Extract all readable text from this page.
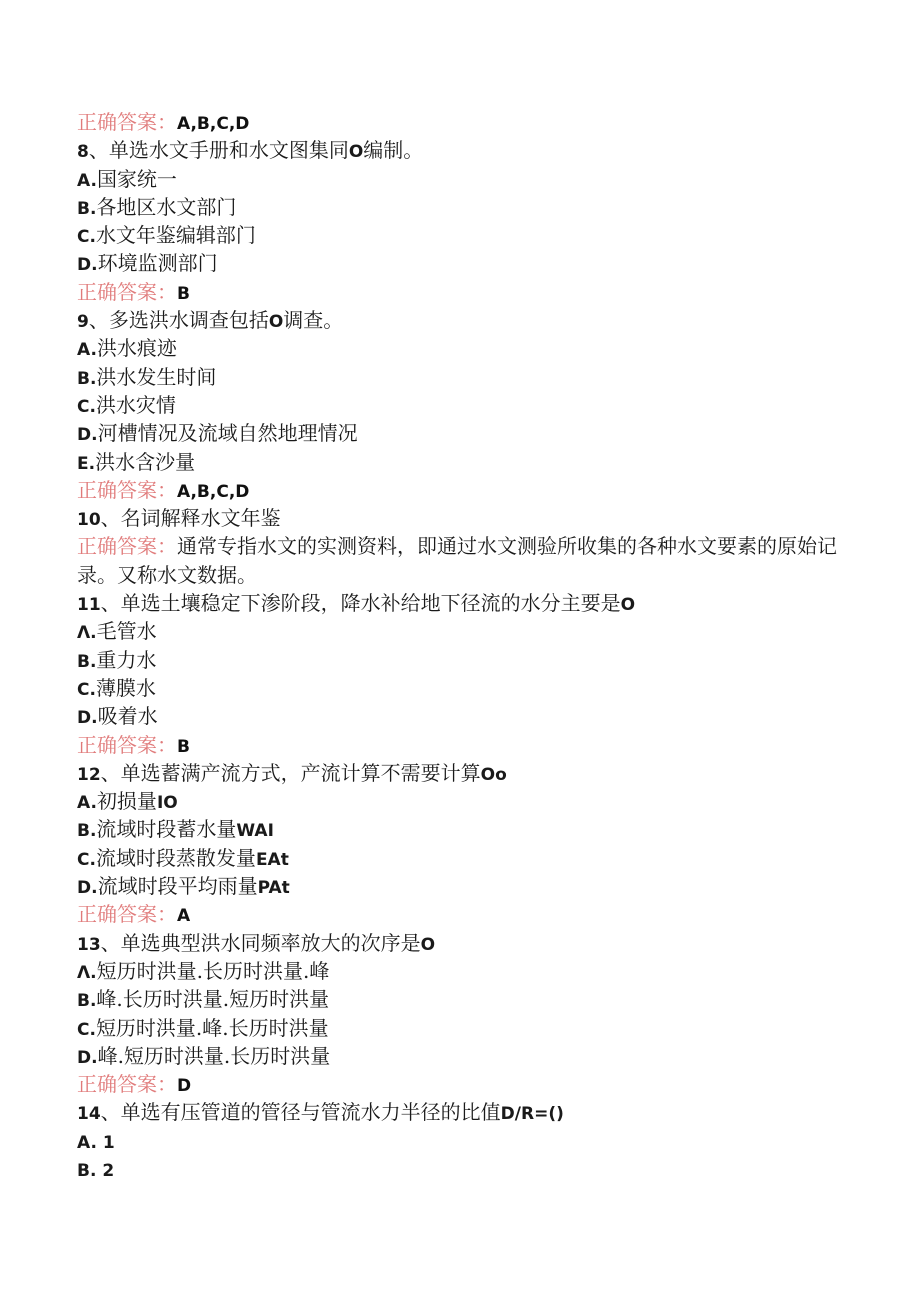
正确答案：A,B,C,D
8、单选水文手册和水文图集同O编制。
A.国家统一
B.各地区水文部门
C.水文年鉴编辑部门
D.环境监测部门
正确答案：B
9、多选洪水调查包括O调查。
A.洪水痕迹
B.洪水发生时间
C.洪水灾情
D.河槽情况及流域自然地理情况
E.洪水含沙量
正确答案：A,B,C,D
10、名词解释水文年鉴
正确答案：通常专指水文的实测资料，即通过水文测验所收集的各种水文要素的原始记录。又称水文数据。
11、单选土壤稳定下渗阶段，降水补给地下径流的水分主要是O
Λ.毛管水
B.重力水
C.薄膜水
D.吸着水
正确答案：B
12、单选蓄满产流方式，产流计算不需要计算Oo
A.初损量IO
B.流域时段蓄水量WAI
C.流域时段蒸散发量EAt
D.流域时段平均雨量PAt
正确答案：A
13、单选典型洪水同频率放大的次序是O
Λ.短历时洪量.长历时洪量.峰
B.峰.长历时洪量.短历时洪量
C.短历时洪量.峰.长历时洪量
D.峰.短历时洪量.长历时洪量
正确答案：D
14、单选有压管道的管径与管流水力半径的比值D/R=()
A. 1
B. 2
